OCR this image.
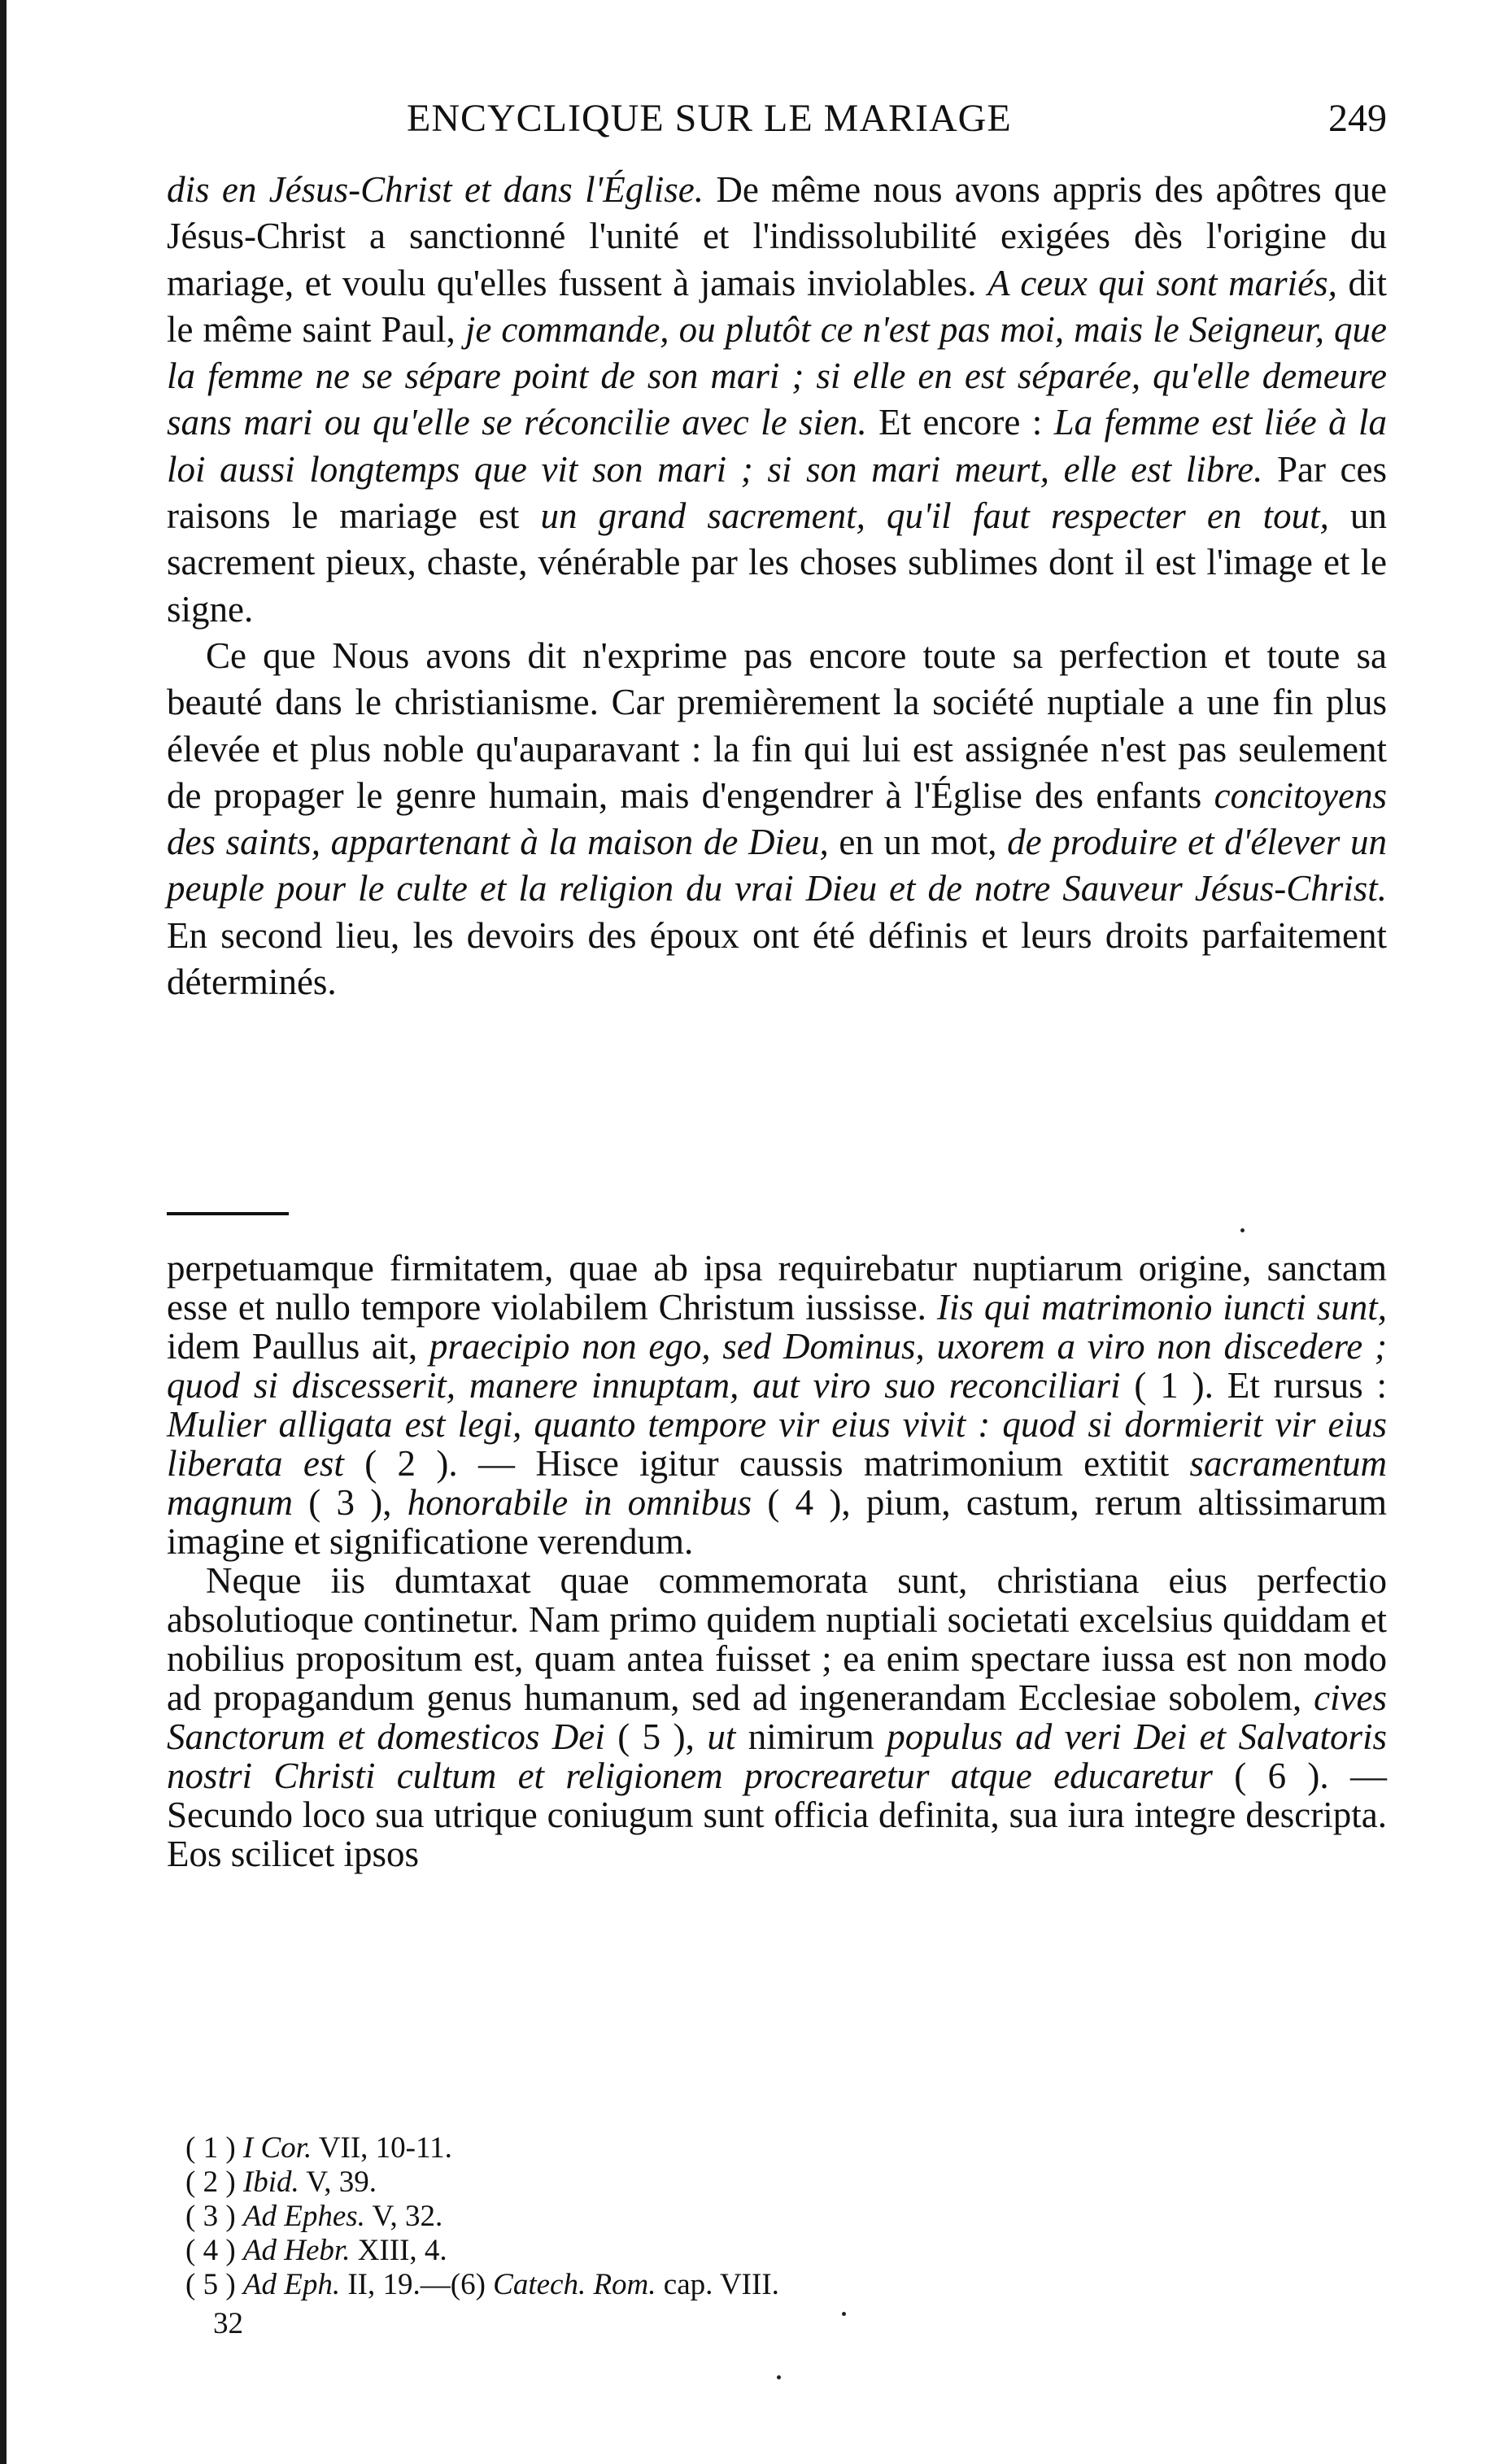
ENCYCLIQUE SUR LE MARIAGE	249

dis en Jésus-Christ et dans l'Église. De même nous avons appris des apôtres que Jésus-Christ a sanctionné l'unité et l'indissolubilité exigées dès l'origine du mariage, et voulu qu'elles fussent à jamais inviolables. A ceux qui sont mariés, dit le même saint Paul, je commande, ou plutôt ce n'est pas moi, mais le Seigneur, que la femme ne se sépare point de son mari ; si elle en est séparée, qu'elle demeure sans mari ou qu'elle se réconcilie avec le sien. Et encore : La femme est liée à la loi aussi longtemps que vit son mari ; si son mari meurt, elle est libre. Par ces raisons le mariage est un grand sacrement, qu'il faut respecter en tout, un sacrement pieux, chaste, vénérable par les choses sublimes dont il est l'image et le signe.

Ce que Nous avons dit n'exprime pas encore toute sa perfection et toute sa beauté dans le christianisme. Car premièrement la société nuptiale a une fin plus élevée et plus noble qu'auparavant : la fin qui lui est assignée n'est pas seulement de propager le genre humain, mais d'engendrer à l'Église des enfants concitoyens des saints, appartenant à la maison de Dieu, en un mot, de produire et d'élever un peuple pour le culte et la religion du vrai Dieu et de notre Sauveur Jésus-Christ. En second lieu, les devoirs des époux ont été définis et leurs droits parfaitement déterminés.

perpetuamque firmitatem, quae ab ipsa requirebatur nuptiarum origine, sanctam esse et nullo tempore violabilem Christum iussisse. Iis qui matrimonio iuncti sunt, idem Paullus ait, praecipio non ego, sed Dominus, uxorem a viro non discedere ; quod si discesserit, manere innuptam, aut viro suo reconciliari ( 1 ). Et rursus : Mulier alligata est legi, quanto tempore vir eius vivit : quod si dormierit vir eius liberata est ( 2 ). — Hisce igitur caussis matrimonium extitit sacramentum magnum ( 3 ), honorabile in omnibus ( 4 ), pium, castum, rerum altissimarum imagine et significatione verendum.

Neque iis dumtaxat quae commemorata sunt, christiana eius perfectio absolutioque continetur. Nam primo quidem nuptiali societati excelsius quiddam et nobilius propositum est, quam antea fuisset ; ea enim spectare iussa est non modo ad propagandum genus humanum, sed ad ingenerandam Ecclesiae sobolem, cives Sanctorum et domesticos Dei ( 5 ), ut nimirum populus ad veri Dei et Salvatoris nostri Christi cultum et religionem procrearetur atque educaretur ( 6 ). — Secundo loco sua utrique coniugum sunt officia definita, sua iura integre descripta. Eos scilicet ipsos

( 1 ) I Cor. VII, 10-11.

( 2 ) Ibid. V, 39.

( 3 ) Ad Ephes. V, 32.

( 4 ) Ad Hebr. XIII, 4.

( 5 ) Ad Eph. II, 19.—(6) Catech. Rom. cap. VIII.

32
